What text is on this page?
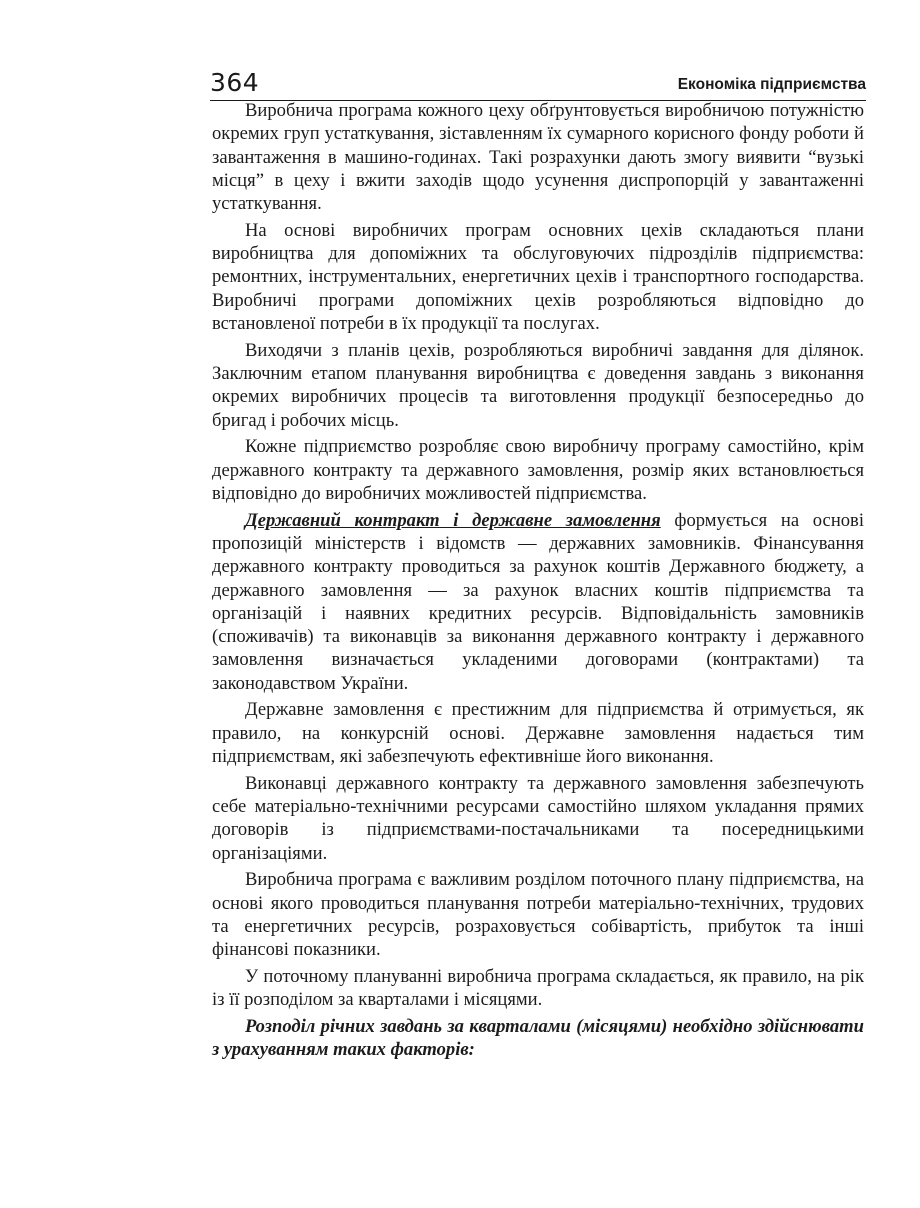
364	Економіка підприємства

Виробнича програма кожного цеху обґрунтовується виробничою потужністю окремих груп устаткування, зіставленням їх сумарного корисного фонду роботи й завантаження в машино-годинах. Такі розрахунки дають змогу виявити “вузькі місця” в цеху і вжити заходів щодо усунення диспропорцій у завантаженні устаткування.

На основі виробничих програм основних цехів складаються плани виробництва для допоміжних та обслуговуючих підрозділів підприємства: ремонтних, інструментальних, енергетичних цехів і транспортного господарства. Виробничі програми допоміжних цехів розробляються відповідно до встановленої потреби в їх продукції та послугах.

Виходячи з планів цехів, розробляються виробничі завдання для ділянок. Заключним етапом планування виробництва є доведення завдань з виконання окремих виробничих процесів та виготовлення продукції безпосередньо до бригад і робочих місць.

Кожне підприємство розробляє свою виробничу програму самостійно, крім державного контракту та державного замовлення, розмір яких встановлюється відповідно до виробничих можливостей підприємства.

Державний контракт і державне замовлення формується на основі пропозицій міністерств і відомств — державних замовників. Фінансування державного контракту проводиться за рахунок коштів Державного бюджету, а державного замовлення — за рахунок власних коштів підприємства та організацій і наявних кредитних ресурсів. Відповідальність замовників (споживачів) та виконавців за виконання державного контракту і державного замовлення визначається укладеними договорами (контрактами) та законодавством України.

Державне замовлення є престижним для підприємства й отримується, як правило, на конкурсній основі. Державне замовлення надається тим підприємствам, які забезпечують ефективніше його виконання.

Виконавці державного контракту та державного замовлення забезпечують себе матеріально-технічними ресурсами самостійно шляхом укладання прямих договорів із підприємствами-постачальниками та посередницькими організаціями.

Виробнича програма є важливим розділом поточного плану підприємства, на основі якого проводиться планування потреби матеріально-технічних, трудових та енергетичних ресурсів, розраховується собівартість, прибуток та інші фінансові показники.

У поточному плануванні виробнича програма складається, як правило, на рік із її розподілом за кварталами і місяцями.

Розподіл річних завдань за кварталами (місяцями) необхідно здійснювати з урахуванням таких факторів:
